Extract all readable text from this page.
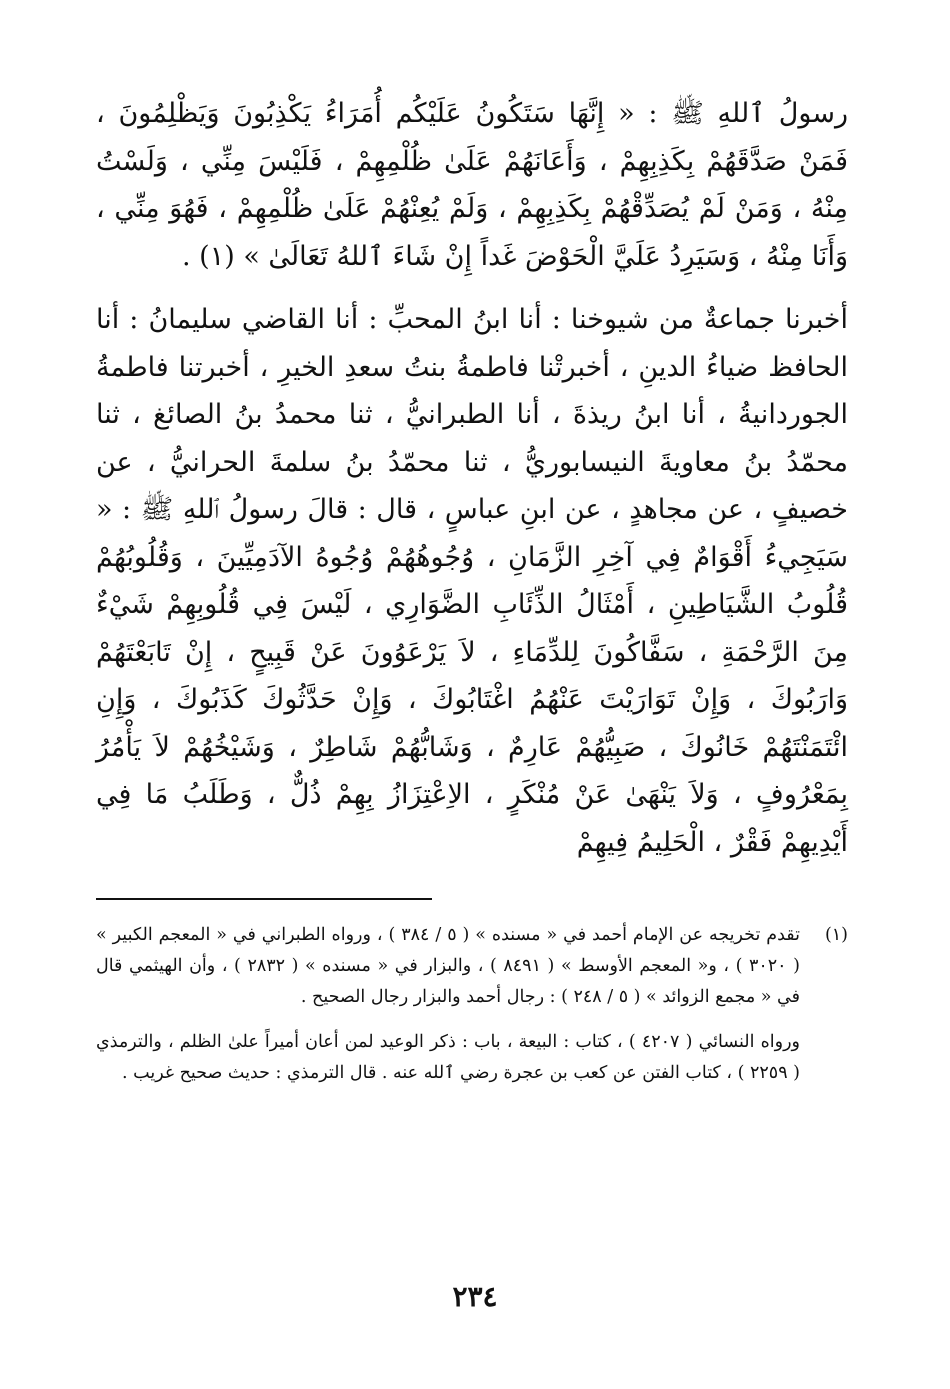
رسولُ ٱللهِ ﷺ : « إِنَّهَا سَتَكُونُ عَلَيْكُم أُمَرَاءُ يَكْذِبُونَ وَيَظْلِمُونَ ، فَمَنْ صَدَّقَهُمْ بِكَذِبِهِمْ ، وَأَعَانَهُمْ عَلَىٰ ظُلْمِهِمْ ، فَلَيْسَ مِنِّي ، وَلَسْتُ مِنْهُ ، وَمَنْ لَمْ يُصَدِّقْهُمْ بِكَذِبِهِمْ ، وَلَمْ يُعِنْهُمْ عَلَىٰ ظُلْمِهِمْ ، فَهُوَ مِنِّي ، وَأَنَا مِنْهُ ، وَسَيَرِدُ عَلَيَّ الْحَوْضَ غَداً إِنْ شَاءَ ٱللهُ تَعَالَىٰ » (١) .

أخبرنا جماعةٌ من شيوخنا : أنا ابنُ المحبِّ : أنا القاضي سليمانُ : أنا الحافظ ضياءُ الدينِ ، أخبرتْنا فاطمةُ بنتُ سعدِ الخيرِ ، أخبرتنا فاطمةُ الجوردانيةُ ، أنا ابنُ ريذةَ ، أنا الطبرانيُّ ، ثنا محمدُ بنُ الصائغ ، ثنا محمّدُ بنُ معاويةَ النيسابوريُّ ، ثنا محمّدُ بنُ سلمةَ الحرانيُّ ، عن خصيفٍ ، عن مجاهدٍ ، عن ابنِ عباسٍ ، قال : قالَ رسولُ ٱللهِ ﷺ : « سَيَجِيءُ أَقْوَامٌ فِي آخِرِ الزَّمَانِ ، وُجُوهُهُمْ وُجُوهُ الآدَمِيِّينَ ، وَقُلُوبُهُمْ قُلُوبُ الشَّيَاطِينِ ، أَمْثَالُ الذِّئَابِ الضَّوَارِي ، لَيْسَ فِي قُلُوبِهِمْ شَيْءٌ مِنَ الرَّحْمَةِ ، سَفَّاكُونَ لِلدِّمَاءِ ، لاَ يَرْعَوُونَ عَنْ قَبِيحٍ ، إِنْ تَابَعْتَهُمْ وَارَبُوكَ ، وَإِنْ تَوَارَيْتَ عَنْهُمُ اغْتَابُوكَ ، وَإِنْ حَدَّثُوكَ كَذَبُوكَ ، وَإِنِ ائْتَمَنْتَهُمْ خَانُوكَ ، صَبِيُّهُمْ عَارِمٌ ، وَشَابُّهُمْ شَاطِرٌ ، وَشَيْخُهُمْ لاَ يَأْمُرُ بِمَعْرُوفٍ ، وَلاَ يَنْهَىٰ عَنْ مُنْكَرٍ ، الاِعْتِزَازُ بِهِمْ ذُلٌّ ، وَطَلَبُ مَا فِي أَيْدِيهِمْ فَقْرٌ ، الْحَلِيمُ فِيهِمْ

(١)

تقدم تخريجه عن الإمام أحمد في « مسنده » ( ٥ / ٣٨٤ ) ، ورواه الطبراني في « المعجم الكبير » ( ٣٠٢٠ ) ، و« المعجم الأوسط » ( ٨٤٩١ ) ، والبزار في « مسنده » ( ٢٨٣٢ ) ، وأن الهيثمي قال في « مجمع الزوائد » ( ٥ / ٢٤٨ ) : رجال أحمد والبزار رجال الصحيح .

ورواه النسائي ( ٤٢٠٧ ) ، كتاب : البيعة ، باب : ذكر الوعيد لمن أعان أميراً علىٰ الظلم ، والترمذي ( ٢٢٥٩ ) ، كتاب الفتن عن كعب بن عجرة رضي ٱلله عنه . قال الترمذي : حديث صحيح غريب .

٢٣٤
